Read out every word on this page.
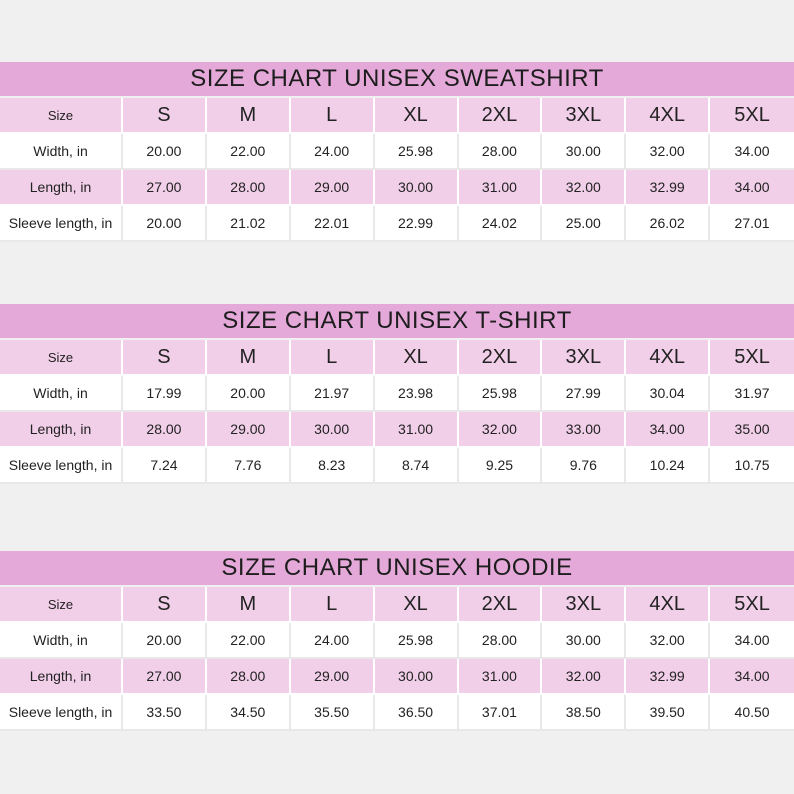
SIZE CHART UNISEX SWEATSHIRT
Size	S	M	L	XL	2XL	3XL	4XL	5XL
Width, in	20.00	22.00	24.00	25.98	28.00	30.00	32.00	34.00
Length, in	27.00	28.00	29.00	30.00	31.00	32.00	32.99	34.00
Sleeve length, in	20.00	21.02	22.01	22.99	24.02	25.00	26.02	27.01
SIZE CHART UNISEX T-SHIRT
Size	S	M	L	XL	2XL	3XL	4XL	5XL
Width, in	17.99	20.00	21.97	23.98	25.98	27.99	30.04	31.97
Length, in	28.00	29.00	30.00	31.00	32.00	33.00	34.00	35.00
Sleeve length, in	7.24	7.76	8.23	8.74	9.25	9.76	10.24	10.75
SIZE CHART UNISEX HOODIE
Size	S	M	L	XL	2XL	3XL	4XL	5XL
Width, in	20.00	22.00	24.00	25.98	28.00	30.00	32.00	34.00
Length, in	27.00	28.00	29.00	30.00	31.00	32.00	32.99	34.00
Sleeve length, in	33.50	34.50	35.50	36.50	37.01	38.50	39.50	40.50
